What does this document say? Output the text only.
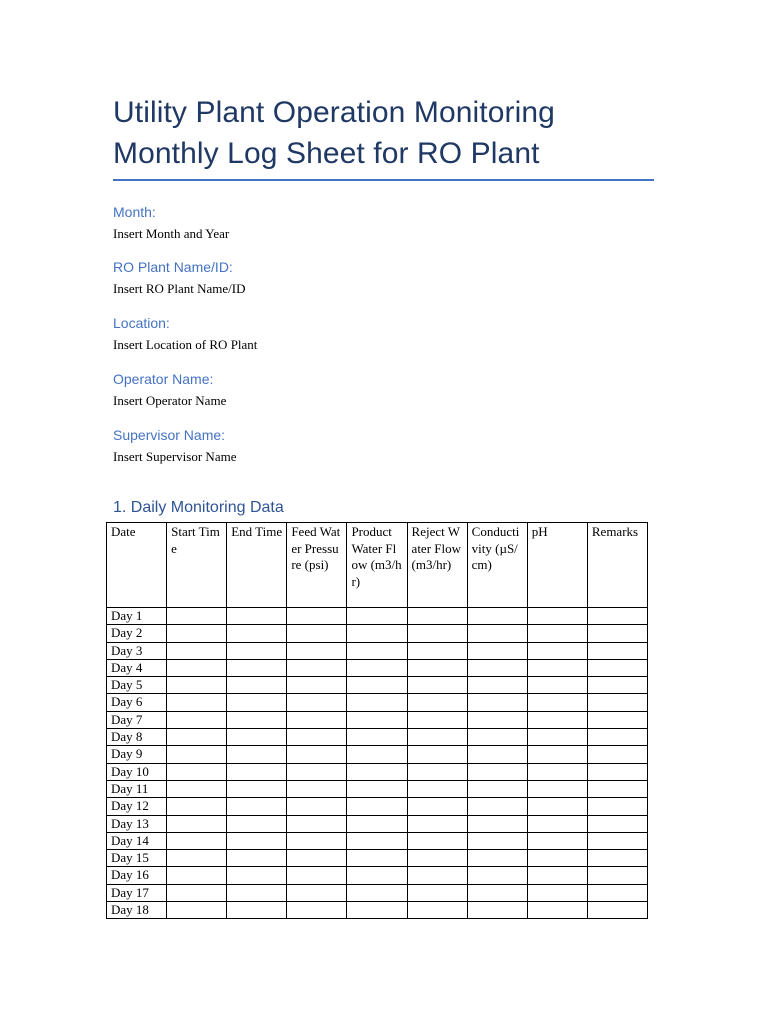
Utility Plant Operation Monitoring
Monthly Log Sheet for RO Plant
Month:
Insert Month and Year
RO Plant Name/ID:
Insert RO Plant Name/ID
Location:
Insert Location of RO Plant
Operator Name:
Insert Operator Name
Supervisor Name:
Insert Supervisor Name
1. Daily Monitoring Data
Date	Start Time	End Time	Feed Water Pressure (psi)	Product Water Flow (m3/hr)	Reject Water Flow (m3/hr)	Conductivity (µS/cm)	pH	Remarks
Day 1								
Day 2								
Day 3								
Day 4								
Day 5								
Day 6								
Day 7								
Day 8								
Day 9								
Day 10								
Day 11								
Day 12								
Day 13								
Day 14								
Day 15								
Day 16								
Day 17								
Day 18								
